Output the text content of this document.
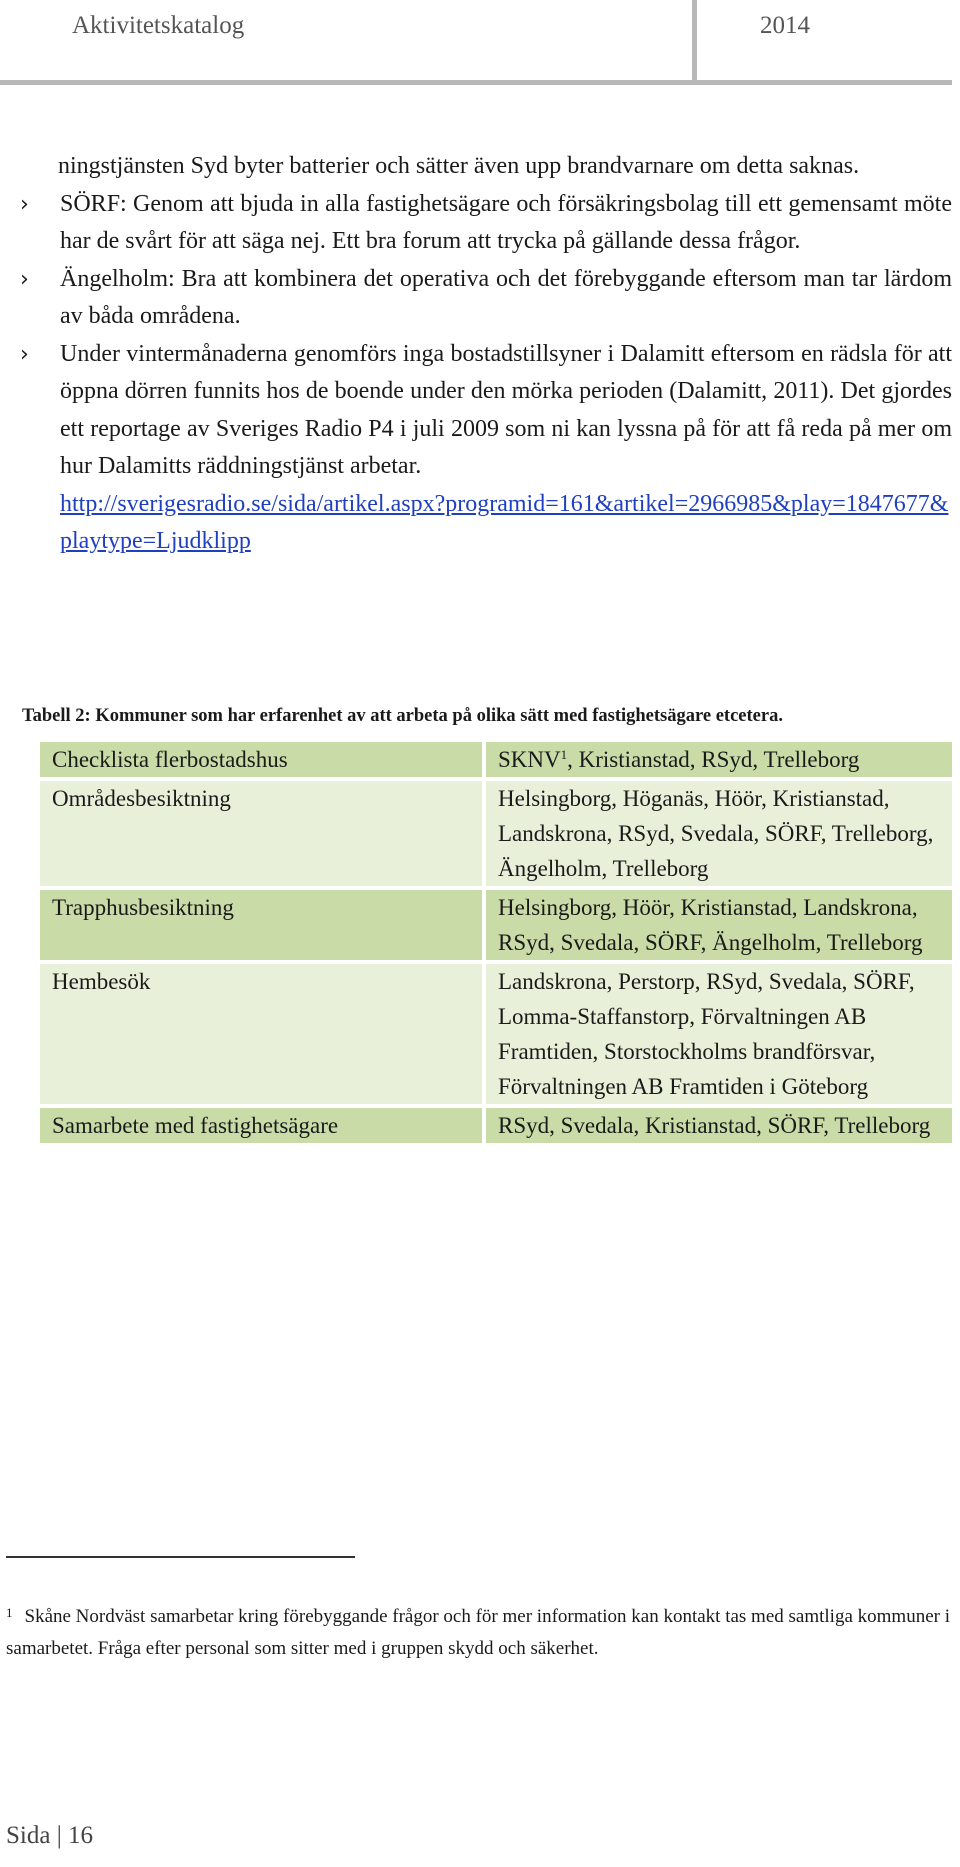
Aktivitetskatalog	2014

ningstjänsten Syd byter batterier och sätter även upp brandvarnare om detta saknas.

› SÖRF: Genom att bjuda in alla fastighetsägare och försäkringsbolag till ett gemensamt möte har de svårt för att säga nej. Ett bra forum att trycka på gällande dessa frågor.

› Ängelholm: Bra att kombinera det operativa och det förebyggande eftersom man tar lärdom av båda områdena.

› Under vintermånaderna genomförs inga bostadstillsyner i Dalamitt eftersom en rädsla för att öppna dörren funnits hos de boende under den mörka perioden (Dalamitt, 2011). Det gjordes ett reportage av Sveriges Radio P4 i juli 2009 som ni kan lyssna på för att få reda på mer om hur Dalamitts räddningstjänst arbetar.
http://sverigesradio.se/sida/artikel.aspx?programid=161&artikel=2966985&play=1847677&playtype=Ljudklipp

Tabell 2: Kommuner som har erfarenhet av att arbeta på olika sätt med fastighetsägare etcetera.
Checklista flerbostadshus	SKNV$^1$, Kristianstad, RSyd, Trelleborg
Områdesbesiktning	Helsingborg, Höganäs, Höör, Kristianstad, Landskrona, RSyd, Svedala, SÖRF, Trelleborg, Ängelholm, Trelleborg
Trapphusbesiktning	Helsingborg, Höör, Kristianstad, Landskrona, RSyd, Svedala, SÖRF, Ängelholm, Trelleborg
Hembesök	Landskrona, Perstorp, RSyd, Svedala, SÖRF, Lomma-Staffanstorp, Förvaltningen AB Framtiden, Storstockholms brandförsvar, Förvaltningen AB Framtiden i Göteborg
Samarbete med fastighetsägare	RSyd, Svedala, Kristianstad, SÖRF, Trelleborg
$^1$ Skåne Nordväst samarbetar kring förebyggande frågor och för mer information kan kontakt tas med samtliga kommuner i samarbetet. Fråga efter personal som sitter med i gruppen skydd och säkerhet.
Sida | 16
